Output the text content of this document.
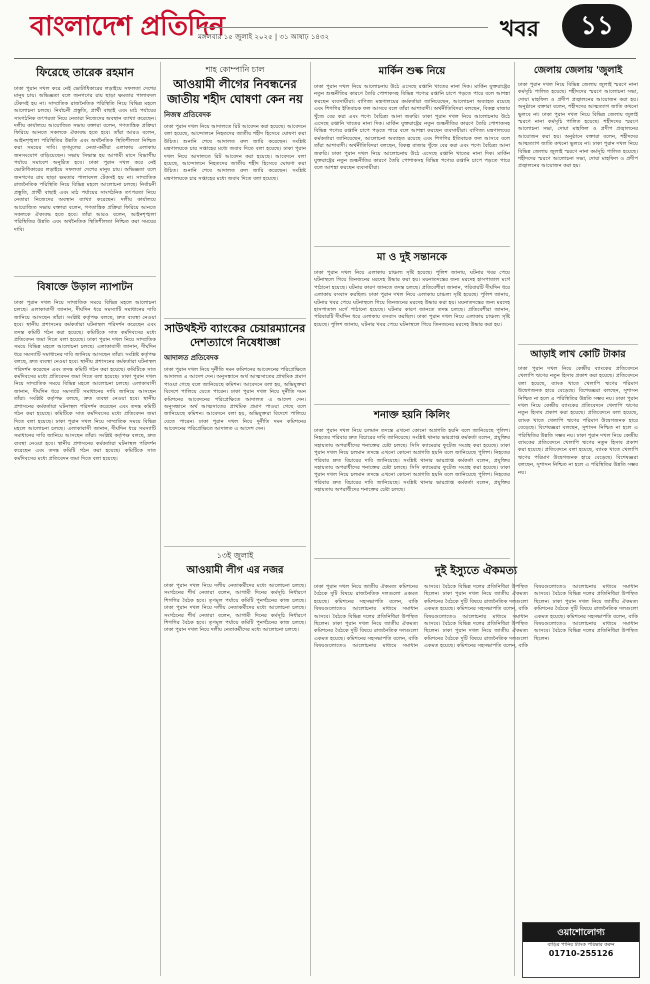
বাংলাদেশ প্রতিদিন
মঙ্গলবার ১৫ জুলাই ২০২৫ | ৩১ আষাঢ় ১৪৩২	খবর	১১
ফিরেছে তারেক রহমান

ঢাকা পুরান দখল করে নেই ভোটাধিকারের লড়াইয়ে সফলতা দেশের মানুষ চায়। অভিজ্ঞতা বলে জনগণের রায় ছাড়া ক্ষমতার পালাবদল টেকসই হয় না। সাম্প্রতিক রাজনৈতিক পরিস্থিতি নিয়ে বিভিন্ন মহলে আলোচনা চলছে। নির্বাচনী প্রস্তুতি, প্রার্থী বাছাই এবং মাঠ পর্যায়ের সাংগঠনিক তৎপরতা নিয়ে নেতারা নিজেদের অবস্থান ব্যাখ্যা করেছেন। দলীয় কার্যালয়ে আয়োজিত সভায় বক্তারা বলেন, গণতান্ত্রিক প্রক্রিয়া ফিরিয়ে আনতে সকলকে ঐক্যবদ্ধ হতে হবে। তাঁরা আরও বলেন, আইনশৃঙ্খলা পরিস্থিতির উন্নতি এবং অর্থনৈতিক স্থিতিশীলতা নিশ্চিত করা সময়ের দাবি। তৃণমূলের নেতা-কর্মীরা এলাকায় এলাকায় জনসংযোগ বাড়িয়েছেন। সভায় সিদ্ধান্ত হয় আগামী মাসে বিভাগীয় পর্যায়ে সমাবেশ অনুষ্ঠিত হবে। ঢাকা পুরান দখল করে নেই ভোটাধিকারের লড়াইয়ে সফলতা দেশের মানুষ চায়। অভিজ্ঞতা বলে জনগণের রায় ছাড়া ক্ষমতার পালাবদল টেকসই হয় না। সাম্প্রতিক রাজনৈতিক পরিস্থিতি নিয়ে বিভিন্ন মহলে আলোচনা চলছে। নির্বাচনী প্রস্তুতি, প্রার্থী বাছাই এবং মাঠ পর্যায়ের সাংগঠনিক তৎপরতা নিয়ে নেতারা নিজেদের অবস্থান ব্যাখ্যা করেছেন। দলীয় কার্যালয়ে আয়োজিত সভায় বক্তারা বলেন, গণতান্ত্রিক প্রক্রিয়া ফিরিয়ে আনতে সকলকে ঐক্যবদ্ধ হতে হবে। তাঁরা আরও বলেন, আইনশৃঙ্খলা পরিস্থিতির উন্নতি এবং অর্থনৈতিক স্থিতিশীলতা নিশ্চিত করা সময়ের দাবি।

বিষাক্তে উড়াল ন্যাপাটন

ঢাকা পুরান দখল নিয়ে সাম্প্রতিক সময়ে বিভিন্ন মহলে আলোচনা চলছে। এলাকাবাসী জানান, দীর্ঘদিন ধরে সমস্যাটি সমাধানের দাবি জানিয়ে আসছেন তাঁরা। সংশ্লিষ্ট কর্তৃপক্ষ বলছে, দ্রুত ব্যবস্থা নেওয়া হবে। স্থানীয় প্রশাসনের কর্মকর্তারা ঘটনাস্থল পরিদর্শন করেছেন এবং তদন্ত কমিটি গঠন করা হয়েছে। কমিটিকে সাত কর্মদিবসের মধ্যে প্রতিবেদন জমা দিতে বলা হয়েছে। ঢাকা পুরান দখল নিয়ে সাম্প্রতিক সময়ে বিভিন্ন মহলে আলোচনা চলছে। এলাকাবাসী জানান, দীর্ঘদিন ধরে সমস্যাটি সমাধানের দাবি জানিয়ে আসছেন তাঁরা। সংশ্লিষ্ট কর্তৃপক্ষ বলছে, দ্রুত ব্যবস্থা নেওয়া হবে। স্থানীয় প্রশাসনের কর্মকর্তারা ঘটনাস্থল পরিদর্শন করেছেন এবং তদন্ত কমিটি গঠন করা হয়েছে। কমিটিকে সাত কর্মদিবসের মধ্যে প্রতিবেদন জমা দিতে বলা হয়েছে। ঢাকা পুরান দখল নিয়ে সাম্প্রতিক সময়ে বিভিন্ন মহলে আলোচনা চলছে। এলাকাবাসী জানান, দীর্ঘদিন ধরে সমস্যাটি সমাধানের দাবি জানিয়ে আসছেন তাঁরা। সংশ্লিষ্ট কর্তৃপক্ষ বলছে, দ্রুত ব্যবস্থা নেওয়া হবে। স্থানীয় প্রশাসনের কর্মকর্তারা ঘটনাস্থল পরিদর্শন করেছেন এবং তদন্ত কমিটি গঠন করা হয়েছে। কমিটিকে সাত কর্মদিবসের মধ্যে প্রতিবেদন জমা দিতে বলা হয়েছে। ঢাকা পুরান দখল নিয়ে সাম্প্রতিক সময়ে বিভিন্ন মহলে আলোচনা চলছে। এলাকাবাসী জানান, দীর্ঘদিন ধরে সমস্যাটি সমাধানের দাবি জানিয়ে আসছেন তাঁরা। সংশ্লিষ্ট কর্তৃপক্ষ বলছে, দ্রুত ব্যবস্থা নেওয়া হবে। স্থানীয় প্রশাসনের কর্মকর্তারা ঘটনাস্থল পরিদর্শন করেছেন এবং তদন্ত কমিটি গঠন করা হয়েছে। কমিটিকে সাত কর্মদিবসের মধ্যে প্রতিবেদন জমা দিতে বলা হয়েছে।

শাহ কোম্পানি চাল
আওয়ামী লীগের নিবন্ধনের জাতীয় শহীদ ঘোষণা কেন নয়
নিজস্ব প্রতিবেদক

ঢাকা পুরান দখল নিয়ে আদালতে রিট আবেদন করা হয়েছে। আবেদনে বলা হয়েছে, আন্দোলনে নিহতদের জাতীয় শহীদ হিসেবে ঘোষণা করা উচিত। শুনানি শেষে আদালত রুল জারি করেছেন। সংশ্লিষ্ট মন্ত্রণালয়কে চার সপ্তাহের মধ্যে জবাব দিতে বলা হয়েছে। ঢাকা পুরান দখল নিয়ে আদালতে রিট আবেদন করা হয়েছে। আবেদনে বলা হয়েছে, আন্দোলনে নিহতদের জাতীয় শহীদ হিসেবে ঘোষণা করা উচিত। শুনানি শেষে আদালত রুল জারি করেছেন। সংশ্লিষ্ট মন্ত্রণালয়কে চার সপ্তাহের মধ্যে জবাব দিতে বলা হয়েছে।

সাউথইস্ট ব্যাংকের চেয়ারম্যানের দেশত্যাগে নিষেধাজ্ঞা
আদালত প্রতিবেদক

ঢাকা পুরান দখল নিয়ে দুর্নীতি দমন কমিশনের আবেদনের পরিপ্রেক্ষিতে আদালত এ আদেশ দেন। অনুসন্ধানে অর্থ আত্মসাতের প্রাথমিক প্রমাণ পাওয়া গেছে বলে জানিয়েছে কমিশন। আবেদনে বলা হয়, অভিযুক্তরা বিদেশে পালিয়ে যেতে পারেন। ঢাকা পুরান দখল নিয়ে দুর্নীতি দমন কমিশনের আবেদনের পরিপ্রেক্ষিতে আদালত এ আদেশ দেন। অনুসন্ধানে অর্থ আত্মসাতের প্রাথমিক প্রমাণ পাওয়া গেছে বলে জানিয়েছে কমিশন। আবেদনে বলা হয়, অভিযুক্তরা বিদেশে পালিয়ে যেতে পারেন। ঢাকা পুরান দখল নিয়ে দুর্নীতি দমন কমিশনের আবেদনের পরিপ্রেক্ষিতে আদালত এ আদেশ দেন।

১৩ই জুলাই
আওয়ামী লীগ এর নজর

ঢাকা পুরান দখল নিয়ে দলীয় নেতাকর্মীদের মধ্যে আলোচনা চলছে। সংগঠনের শীর্ষ নেতারা বলেন, আগামী দিনের কর্মসূচি নির্ধারণে শিগগির বৈঠক হবে। তৃণমূল পর্যায়ে কমিটি পুনর্গঠনের কাজ চলছে। ঢাকা পুরান দখল নিয়ে দলীয় নেতাকর্মীদের মধ্যে আলোচনা চলছে। সংগঠনের শীর্ষ নেতারা বলেন, আগামী দিনের কর্মসূচি নির্ধারণে শিগগির বৈঠক হবে। তৃণমূল পর্যায়ে কমিটি পুনর্গঠনের কাজ চলছে। ঢাকা পুরান দখল নিয়ে দলীয় নেতাকর্মীদের মধ্যে আলোচনা চলছে।

মার্কিন শুল্ক নিয়ে

ঢাকা পুরান দখল নিয়ে আলোচনায় উঠে এসেছে রপ্তানি খাতের নানা দিক। মার্কিন যুক্তরাষ্ট্রের নতুন শুল্কনীতির কারণে তৈরি পোশাকসহ বিভিন্ন পণ্যের রপ্তানি চাপে পড়তে পারে বলে আশঙ্কা করছেন ব্যবসায়ীরা। বাণিজ্য মন্ত্রণালয়ের কর্মকর্তারা জানিয়েছেন, আলোচনা অব্যাহত রয়েছে এবং শিগগির ইতিবাচক ফল আসবে বলে তাঁরা আশাবাদী। অর্থনীতিবিদরা বলছেন, বিকল্প বাজার খুঁজে বের করা এবং পণ্যে বৈচিত্র্য আনা জরুরি। ঢাকা পুরান দখল নিয়ে আলোচনায় উঠে এসেছে রপ্তানি খাতের নানা দিক। মার্কিন যুক্তরাষ্ট্রের নতুন শুল্কনীতির কারণে তৈরি পোশাকসহ বিভিন্ন পণ্যের রপ্তানি চাপে পড়তে পারে বলে আশঙ্কা করছেন ব্যবসায়ীরা। বাণিজ্য মন্ত্রণালয়ের কর্মকর্তারা জানিয়েছেন, আলোচনা অব্যাহত রয়েছে এবং শিগগির ইতিবাচক ফল আসবে বলে তাঁরা আশাবাদী। অর্থনীতিবিদরা বলছেন, বিকল্প বাজার খুঁজে বের করা এবং পণ্যে বৈচিত্র্য আনা জরুরি। ঢাকা পুরান দখল নিয়ে আলোচনায় উঠে এসেছে রপ্তানি খাতের নানা দিক। মার্কিন যুক্তরাষ্ট্রের নতুন শুল্কনীতির কারণে তৈরি পোশাকসহ বিভিন্ন পণ্যের রপ্তানি চাপে পড়তে পারে বলে আশঙ্কা করছেন ব্যবসায়ীরা।

মা ও দুই সন্তানকে

ঢাকা পুরান দখল নিয়ে এলাকায় চাঞ্চল্য সৃষ্টি হয়েছে। পুলিশ জানায়, ঘটনার খবর পেয়ে ঘটনাস্থলে গিয়ে তিনজনের মরদেহ উদ্ধার করা হয়। ময়নাতদন্তের জন্য মরদেহ হাসপাতাল মর্গে পাঠানো হয়েছে। ঘটনার কারণ জানতে তদন্ত চলছে। প্রতিবেশীরা জানান, পরিবারটি দীর্ঘদিন ধরে এলাকায় বসবাস করছিল। ঢাকা পুরান দখল নিয়ে এলাকায় চাঞ্চল্য সৃষ্টি হয়েছে। পুলিশ জানায়, ঘটনার খবর পেয়ে ঘটনাস্থলে গিয়ে তিনজনের মরদেহ উদ্ধার করা হয়। ময়নাতদন্তের জন্য মরদেহ হাসপাতাল মর্গে পাঠানো হয়েছে। ঘটনার কারণ জানতে তদন্ত চলছে। প্রতিবেশীরা জানান, পরিবারটি দীর্ঘদিন ধরে এলাকায় বসবাস করছিল। ঢাকা পুরান দখল নিয়ে এলাকায় চাঞ্চল্য সৃষ্টি হয়েছে। পুলিশ জানায়, ঘটনার খবর পেয়ে ঘটনাস্থলে গিয়ে তিনজনের মরদেহ উদ্ধার করা হয়।

শনাক্ত হয়নি কিলিং

ঢাকা পুরান দখল নিয়ে চলমান তদন্তে এখনো কোনো অগ্রগতি হয়নি বলে জানিয়েছে পুলিশ। নিহতের পরিবার দ্রুত বিচারের দাবি জানিয়েছে। সংশ্লিষ্ট থানার ভারপ্রাপ্ত কর্মকর্তা বলেন, প্রযুক্তির সহায়তায় অপরাধীদের শনাক্তের চেষ্টা চলছে। সিসি ক্যামেরার ফুটেজ সংগ্রহ করা হয়েছে। ঢাকা পুরান দখল নিয়ে চলমান তদন্তে এখনো কোনো অগ্রগতি হয়নি বলে জানিয়েছে পুলিশ। নিহতের পরিবার দ্রুত বিচারের দাবি জানিয়েছে। সংশ্লিষ্ট থানার ভারপ্রাপ্ত কর্মকর্তা বলেন, প্রযুক্তির সহায়তায় অপরাধীদের শনাক্তের চেষ্টা চলছে। সিসি ক্যামেরার ফুটেজ সংগ্রহ করা হয়েছে। ঢাকা পুরান দখল নিয়ে চলমান তদন্তে এখনো কোনো অগ্রগতি হয়নি বলে জানিয়েছে পুলিশ। নিহতের পরিবার দ্রুত বিচারের দাবি জানিয়েছে। সংশ্লিষ্ট থানার ভারপ্রাপ্ত কর্মকর্তা বলেন, প্রযুক্তির সহায়তায় অপরাধীদের শনাক্তের চেষ্টা চলছে।

জেলায় জেলায় 'জুলাই

ঢাকা পুরান দখল নিয়ে বিভিন্ন জেলায় জুলাই স্মরণে নানা কর্মসূচি পালিত হয়েছে। শহীদদের স্মরণে আলোচনা সভা, দোয়া মাহফিল ও প্রদীপ প্রজ্বালনের আয়োজন করা হয়। অনুষ্ঠানে বক্তারা বলেন, শহীদদের আত্মত্যাগ জাতি কখনো ভুলবে না। ঢাকা পুরান দখল নিয়ে বিভিন্ন জেলায় জুলাই স্মরণে নানা কর্মসূচি পালিত হয়েছে। শহীদদের স্মরণে আলোচনা সভা, দোয়া মাহফিল ও প্রদীপ প্রজ্বালনের আয়োজন করা হয়। অনুষ্ঠানে বক্তারা বলেন, শহীদদের আত্মত্যাগ জাতি কখনো ভুলবে না। ঢাকা পুরান দখল নিয়ে বিভিন্ন জেলায় জুলাই স্মরণে নানা কর্মসূচি পালিত হয়েছে। শহীদদের স্মরণে আলোচনা সভা, দোয়া মাহফিল ও প্রদীপ প্রজ্বালনের আয়োজন করা হয়।

আড়াই লাখ কোটি টাকার

ঢাকা পুরান দখল নিয়ে কেন্দ্রীয় ব্যাংকের প্রতিবেদনে খেলাপি ঋণের নতুন হিসাব প্রকাশ করা হয়েছে। প্রতিবেদনে বলা হয়েছে, ব্যাংক খাতে খেলাপি ঋণের পরিমাণ উদ্বেগজনক হারে বেড়েছে। বিশেষজ্ঞরা বলছেন, সুশাসন নিশ্চিত না হলে এ পরিস্থিতির উন্নতি সম্ভব নয়। ঢাকা পুরান দখল নিয়ে কেন্দ্রীয় ব্যাংকের প্রতিবেদনে খেলাপি ঋণের নতুন হিসাব প্রকাশ করা হয়েছে। প্রতিবেদনে বলা হয়েছে, ব্যাংক খাতে খেলাপি ঋণের পরিমাণ উদ্বেগজনক হারে বেড়েছে। বিশেষজ্ঞরা বলছেন, সুশাসন নিশ্চিত না হলে এ পরিস্থিতির উন্নতি সম্ভব নয়। ঢাকা পুরান দখল নিয়ে কেন্দ্রীয় ব্যাংকের প্রতিবেদনে খেলাপি ঋণের নতুন হিসাব প্রকাশ করা হয়েছে। প্রতিবেদনে বলা হয়েছে, ব্যাংক খাতে খেলাপি ঋণের পরিমাণ উদ্বেগজনক হারে বেড়েছে। বিশেষজ্ঞরা বলছেন, সুশাসন নিশ্চিত না হলে এ পরিস্থিতির উন্নতি সম্ভব নয়।

দুই ইস্যুতে ঐকমত্য

ঢাকা পুরান দখল নিয়ে জাতীয় ঐকমত্য কমিশনের বৈঠকে দুটি বিষয়ে রাজনৈতিক দলগুলো একমত হয়েছে। কমিশনের সহসভাপতি বলেন, বাকি বিষয়গুলোতেও আলোচনার মাধ্যমে সমাধান আসবে। বৈঠকে বিভিন্ন দলের প্রতিনিধিরা উপস্থিত ছিলেন। ঢাকা পুরান দখল নিয়ে জাতীয় ঐকমত্য কমিশনের বৈঠকে দুটি বিষয়ে রাজনৈতিক দলগুলো একমত হয়েছে। কমিশনের সহসভাপতি বলেন, বাকি বিষয়গুলোতেও আলোচনার মাধ্যমে সমাধান আসবে। বৈঠকে বিভিন্ন দলের প্রতিনিধিরা উপস্থিত ছিলেন। ঢাকা পুরান দখল নিয়ে জাতীয় ঐকমত্য কমিশনের বৈঠকে দুটি বিষয়ে রাজনৈতিক দলগুলো একমত হয়েছে। কমিশনের সহসভাপতি বলেন, বাকি বিষয়গুলোতেও আলোচনার মাধ্যমে সমাধান আসবে। বৈঠকে বিভিন্ন দলের প্রতিনিধিরা উপস্থিত ছিলেন। ঢাকা পুরান দখল নিয়ে জাতীয় ঐকমত্য কমিশনের বৈঠকে দুটি বিষয়ে রাজনৈতিক দলগুলো একমত হয়েছে। কমিশনের সহসভাপতি বলেন, বাকি বিষয়গুলোতেও আলোচনার মাধ্যমে সমাধান আসবে। বৈঠকে বিভিন্ন দলের প্রতিনিধিরা উপস্থিত ছিলেন। ঢাকা পুরান দখল নিয়ে জাতীয় ঐকমত্য কমিশনের বৈঠকে দুটি বিষয়ে রাজনৈতিক দলগুলো একমত হয়েছে। কমিশনের সহসভাপতি বলেন, বাকি বিষয়গুলোতেও আলোচনার মাধ্যমে সমাধান আসবে। বৈঠকে বিভিন্ন দলের প্রতিনিধিরা উপস্থিত ছিলেন।

ওয়াশোলোগ্য
বাড়ির পানির ট্যাংক পরিষ্কার করুন
01710-255126
